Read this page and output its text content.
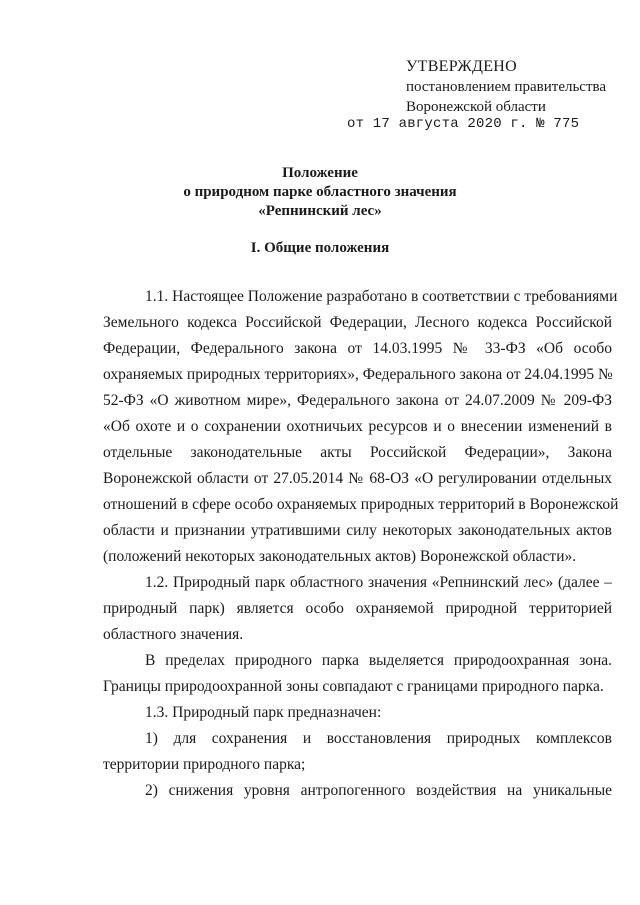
УТВЕРЖДЕНО
постановлением правительства
Воронежской области
от 17 августа 2020 г. № 775
Положение
о природном парке областного значения
«Репнинский лес»
I. Общие положения
1.1. Настоящее Положение разработано в соответствии с требованиями
Земельного кодекса Российской Федерации, Лесного кодекса Российской
Федерации, Федерального закона от 14.03.1995 № 33-ФЗ «Об особо
охраняемых природных территориях», Федерального закона от 24.04.1995 №
52-ФЗ «О животном мире», Федерального закона от 24.07.2009 № 209-ФЗ
«Об охоте и о сохранении охотничьих ресурсов и о внесении изменений в
отдельные законодательные акты Российской Федерации», Закона
Воронежской области от 27.05.2014 № 68-ОЗ «О регулировании отдельных
отношений в сфере особо охраняемых природных территорий в Воронежской
области и признании утратившими силу некоторых законодательных актов
(положений некоторых законодательных актов) Воронежской области».
1.2. Природный парк областного значения «Репнинский лес» (далее –
природный парк) является особо охраняемой природной территорией
областного значения.
В пределах природного парка выделяется природоохранная зона.
Границы природоохранной зоны совпадают с границами природного парка.
1.3. Природный парк предназначен:
1) для сохранения и восстановления природных комплексов
территории природного парка;
2) снижения уровня антропогенного воздействия на уникальные
